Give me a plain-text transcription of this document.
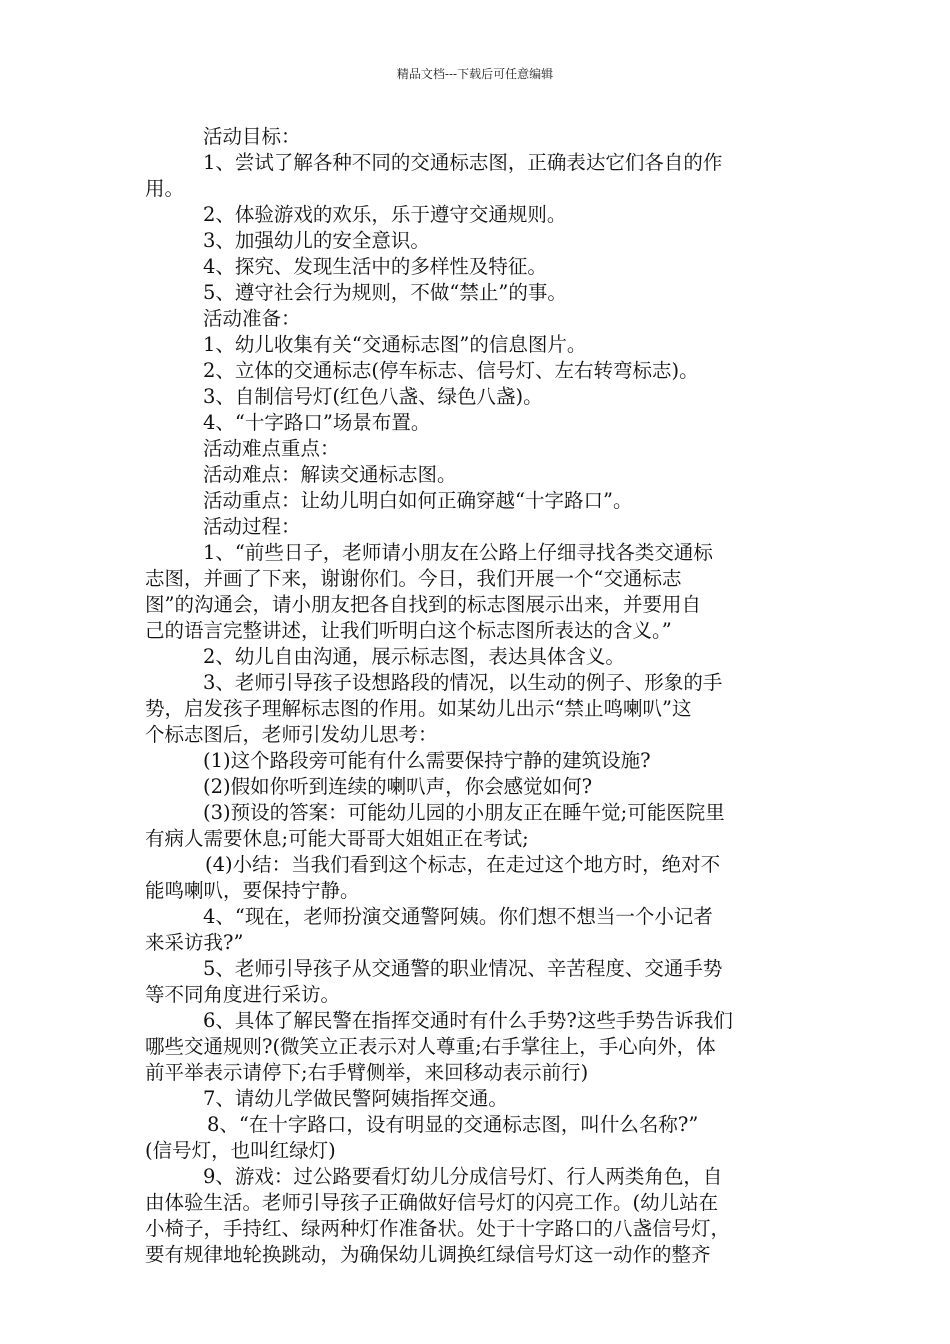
精品文档---下载后可任意编辑
活动目标：
1、尝试了解各种不同的交通标志图，正确表达它们各自的作
用。
2、体验游戏的欢乐，乐于遵守交通规则。
3、加强幼儿的安全意识。
4、探究、发现生活中的多样性及特征。
5、遵守社会行为规则，不做“禁止”的事。
活动准备：
1、幼儿收集有关“交通标志图”的信息图片。
2、立体的交通标志(停车标志、信号灯、左右转弯标志)。
3、自制信号灯(红色八盏、绿色八盏)。
4、“十字路口”场景布置。
活动难点重点：
活动难点：解读交通标志图。
活动重点：让幼儿明白如何正确穿越“十字路口”。
活动过程：
1、“前些日子，老师请小朋友在公路上仔细寻找各类交通标
志图，并画了下来，谢谢你们。今日，我们开展一个“交通标志
图”的沟通会，请小朋友把各自找到的标志图展示出来，并要用自
己的语言完整讲述，让我们听明白这个标志图所表达的含义。”
2、幼儿自由沟通，展示标志图，表达具体含义。
3、老师引导孩子设想路段的情况，以生动的例子、形象的手
势，启发孩子理解标志图的作用。如某幼儿出示“禁止鸣喇叭”这
个标志图后，老师引发幼儿思考：
(1)这个路段旁可能有什么需要保持宁静的建筑设施?
(2)假如你听到连续的喇叭声，你会感觉如何?
(3)预设的答案：可能幼儿园的小朋友正在睡午觉;可能医院里
有病人需要休息;可能大哥哥大姐姐正在考试;
(4)小结：当我们看到这个标志，在走过这个地方时，绝对不
能鸣喇叭，要保持宁静。
4、“现在，老师扮演交通警阿姨。你们想不想当一个小记者
来采访我?”
5、老师引导孩子从交通警的职业情况、辛苦程度、交通手势
等不同角度进行采访。
6、具体了解民警在指挥交通时有什么手势?这些手势告诉我们
哪些交通规则?(微笑立正表示对人尊重;右手掌往上，手心向外，体
前平举表示请停下;右手臂侧举，来回移动表示前行)
7、请幼儿学做民警阿姨指挥交通。
8、“在十字路口，设有明显的交通标志图，叫什么名称?”
(信号灯，也叫红绿灯)
9、游戏：过公路要看灯幼儿分成信号灯、行人两类角色，自
由体验生活。老师引导孩子正确做好信号灯的闪亮工作。(幼儿站在
小椅子，手持红、绿两种灯作准备状。处于十字路口的八盏信号灯，
要有规律地轮换跳动，为确保幼儿调换红绿信号灯这一动作的整齐
